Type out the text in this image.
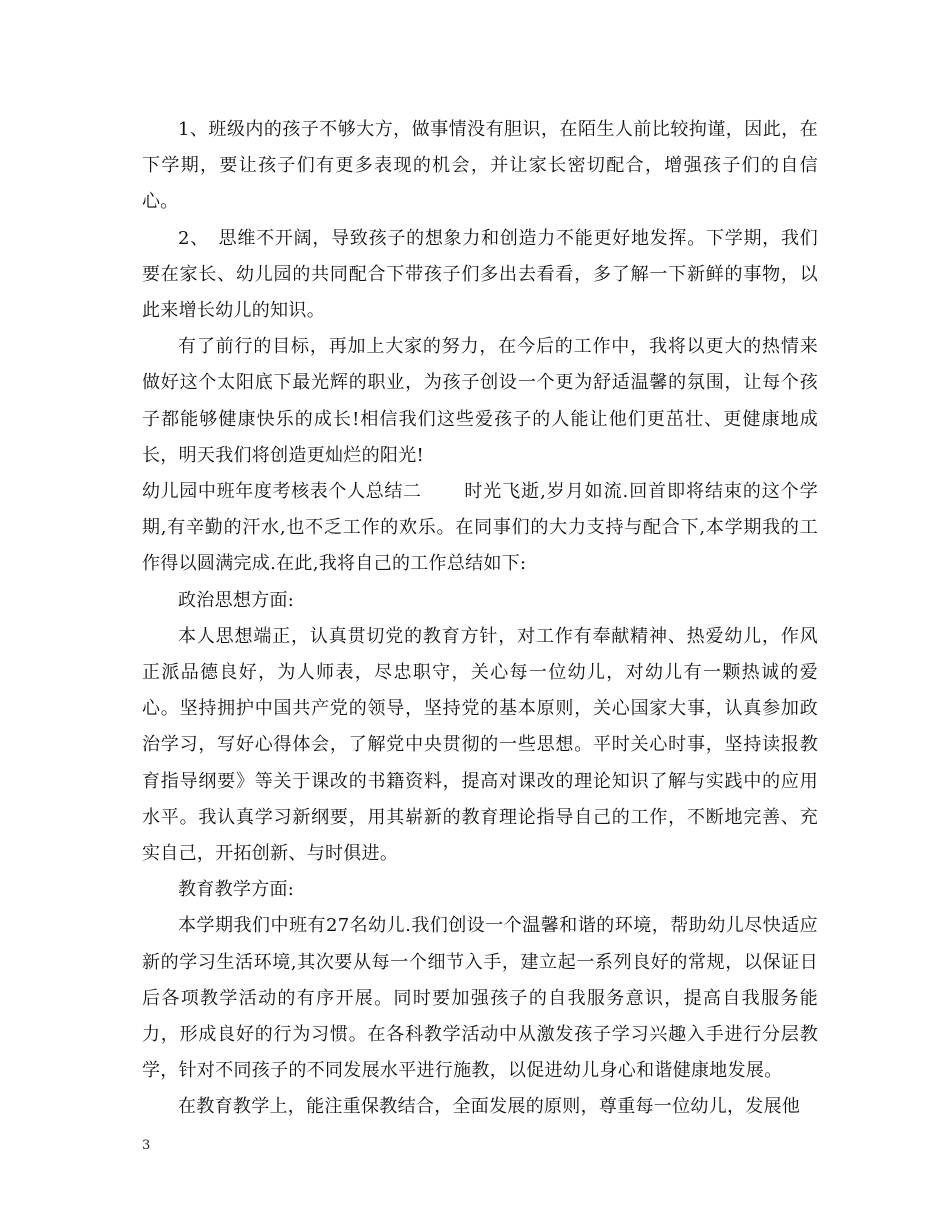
1、班级内的孩子不够大方，做事情没有胆识，在陌生人前比较拘谨，因此，在下学期，要让孩子们有更多表现的机会，并让家长密切配合，增强孩子们的自信心。

2、　思维不开阔，导致孩子的想象力和创造力不能更好地发挥。下学期，我们要在家长、幼儿园的共同配合下带孩子们多出去看看，多了解一下新鲜的事物，以此来增长幼儿的知识。

有了前行的目标，再加上大家的努力，在今后的工作中，我将以更大的热情来做好这个太阳底下最光辉的职业，为孩子创设一个更为舒适温馨的氛围，让每个孩子都能够健康快乐的成长!相信我们这些爱孩子的人能让他们更茁壮、更健康地成长，明天我们将创造更灿烂的阳光!

幼儿园中班年度考核表个人总结二 时光飞逝,岁月如流.回首即将结束的这个学期,有辛勤的汗水,也不乏工作的欢乐。在同事们的大力支持与配合下,本学期我的工作得以圆满完成.在此,我将自己的工作总结如下:

政治思想方面:

本人思想端正，认真贯切党的教育方针，对工作有奉献精神、热爱幼儿，作风正派品德良好，为人师表，尽忠职守，关心每一位幼儿，对幼儿有一颗热诚的爱心。坚持拥护中国共产党的领导，坚持党的基本原则，关心国家大事，认真参加政治学习，写好心得体会，了解党中央贯彻的一些思想。平时关心时事，坚持读报教育指导纲要》等关于课改的书籍资料，提高对课改的理论知识了解与实践中的应用水平。我认真学习新纲要，用其崭新的教育理论指导自己的工作，不断地完善、充实自己，开拓创新、与时俱进。

教育教学方面:

本学期我们中班有27名幼儿.我们创设一个温馨和谐的环境，帮助幼儿尽快适应新的学习生活环境,其次要从每一个细节入手，建立起一系列良好的常规，以保证日后各项教学活动的有序开展。同时要加强孩子的自我服务意识，提高自我服务能力，形成良好的行为习惯。在各科教学活动中从激发孩子学习兴趣入手进行分层教学，针对不同孩子的不同发展水平进行施教，以促进幼儿身心和谐健康地发展。

在教育教学上，能注重保教结合，全面发展的原则，尊重每一位幼儿，发展他

3
